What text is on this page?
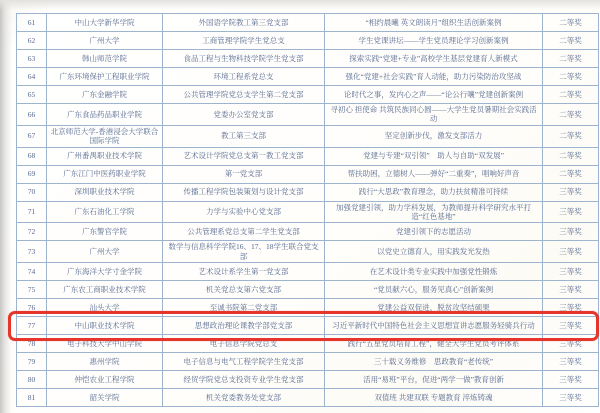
61	中山大学新华学院	外国语学院教工第三党支部	“相约晨曦 英文朗读月”组织生活创新案例	二等奖
62	广州大学	工商管理学院学生党总支	学生党课讲坛——学生党员理论学习创新案例	二等奖
63	韩山师范学院	食品工程与生物科技学院学生党支部	探索实践“党建+专业”高校学生基层党建育人新模式	二等奖
64	广东环境保护工程职业学院	环境工程系党总支	强化“党建+社会实践”育人动能，助力污染防治攻坚战	二等奖
65	广东金融学院	公共管理学院党总支学生第二党支部	论时代之事，发内心之声——“论公行嚷”党建创新案例	二等奖
66	广东食品药品职业学院	党委办公室党支部	寻初心 担使命 共筑民族同心圆——大学生党员暑期社会实践活动	二等奖
67	北京师范大学-香港浸会大学联合国际学院	教工第三支部	坚定创新步伐，激发支部活力	二等奖
68	广州番禺职业技术学院	艺术设计学院党总支第一教工党支部	党建与专建“双引领”　助人与自助“双发展”	二等奖
69	广东江门中医药职业学院	第一党支部	帮扶助困，立德树人——弹好“二重奏”，唱响好声音	二等奖
70	深圳职业技术学院	传播工程学院包装策划与设计党支部	践行“大思政”教育理念，助力扶贫精准可持续	三等奖
71	广东石油化工学院	力学与实验中心党支部	加强党建引领，助力学科发展，为教师提升科学研究水平打造“红色基地”	三等奖
72	广东警官学院	公共管理系党总支第二学生党支部	党建引领下的志愿活动	三等奖
73	广州大学	数学与信息科学学院16、17、18学生联合党支部	以党史立德育人，用实践发光发热	三等奖
74	广东海洋大学寸金学院	艺术设计系学生第一党支部	在艺术设计类专业实践中加强党性锻炼	三等奖
75	广东农工商职业技术学院	机关党总支第六党支部	“党员献六心，服务见真心”创新案例	三等奖
76	汕头大学	至诚书院第二党支部	党建公益双促进，脱贫攻坚结硕果	三等奖
77	中山职业技术学院	思想政治理论课教学部党支部	习近平新时代中国特色社会主义思想宣讲志愿服务轻骑兵行动	三等奖
78	电子科技大学中山学院	电子信息学院党总支	践行“五星党员培育工程”，健全大学生党员考评体系	三等奖
79	惠州学院	电子信息与电气工程学院学生党支部	三十载义务维修　思政教育“老传统”	三等奖
80	仲恺农业工程学院	经贸学院党总支投资专业学生党支部	活用“易班”平台，促进“两学一做”教育创新	三等奖
81	韶关学院	机关党委教务处党支部	双值班 共建双联 专题教育 淬炼铸魂	三等奖
